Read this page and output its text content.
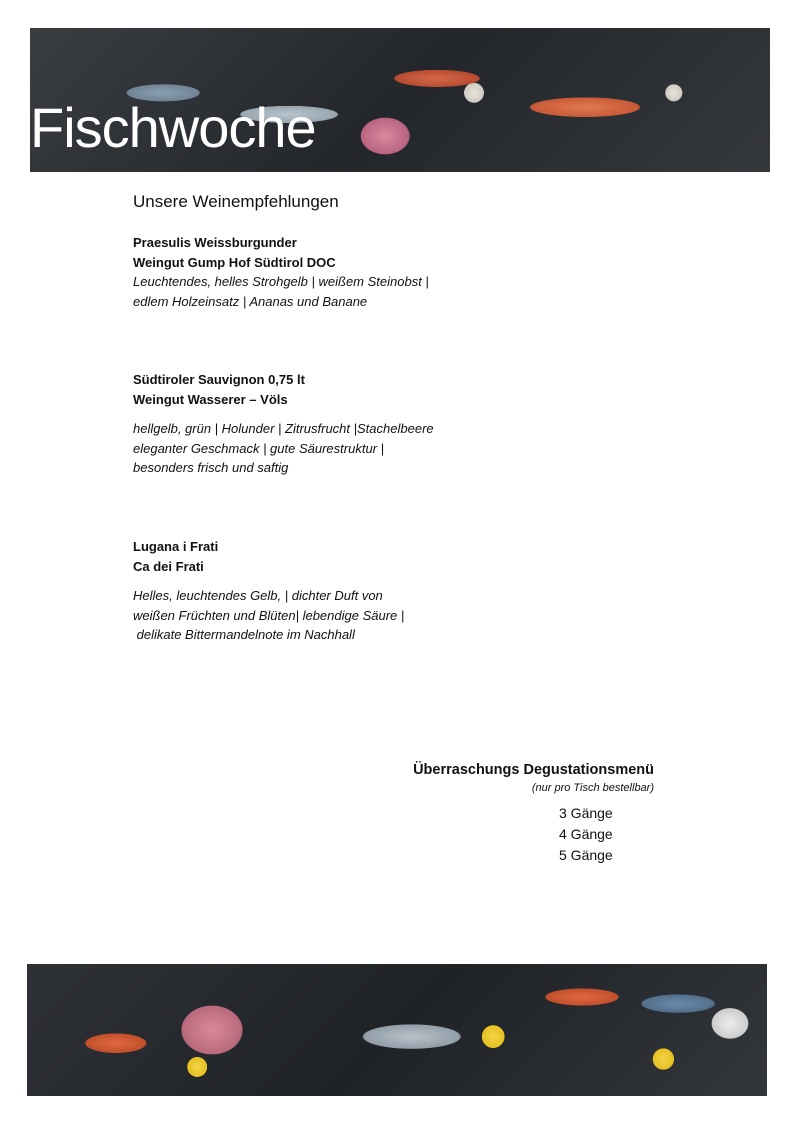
Fischwoche
Unsere Weinempfehlungen
Praesulis Weissburgunder
Weingut Gump Hof Südtirol DOC
Leuchtendes, helles Strohgelb | weißem Steinobst |
edlem Holzeinsatz | Ananas und Banane
Südtiroler Sauvignon 0,75 lt
Weingut Wasserer – Völs
hellgelb, grün | Holunder | Zitrusfrucht |Stachelbeere
eleganter Geschmack | gute Säurestruktur |
besonders frisch und saftig
Lugana i Frati
Ca dei Frati
Helles, leuchtendes Gelb, | dichter Duft von
weißen Früchten und Blüten| lebendige Säure |
delikate Bittermandelnote im Nachhall
Überraschungs Degustationsmenü
(nur pro Tisch bestellbar)
3 Gänge
4 Gänge
5 Gänge
